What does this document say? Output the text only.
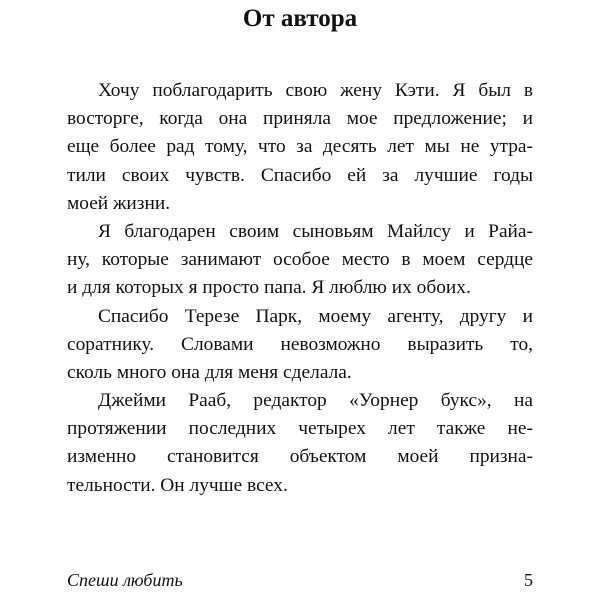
От автора
Хочу поблагодарить свою жену Кэти. Я был в
восторге, когда она приняла мое предложение; и
еще более рад тому, что за десять лет мы не утра-
тили своих чувств. Спасибо ей за лучшие годы
моей жизни.
Я благодарен своим сыновьям Майлсу и Райа-
ну, которые занимают особое место в моем сердце
и для которых я просто папа. Я люблю их обоих.
Спасибо Терезе Парк, моему агенту, другу и
соратнику. Словами невозможно выразить то,
сколь много она для меня сделала.
Джейми Рааб, редактор «Уорнер букс», на
протяжении последних четырех лет также не-
изменно становится объектом моей призна-
тельности. Он лучше всех.
Спеши любить	5
